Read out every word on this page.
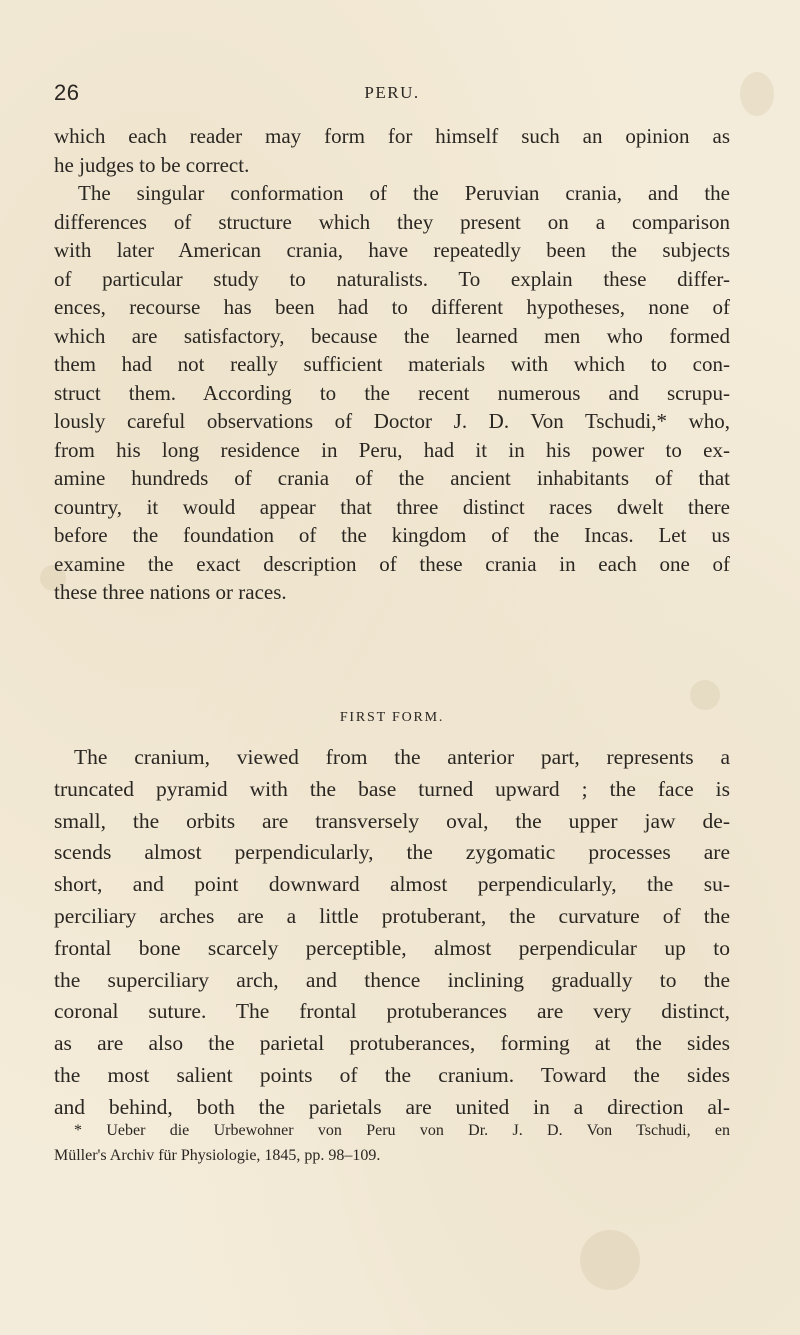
26	PERU.
which each reader may form for himself such an opinion as
he judges to be correct.
The singular conformation of the Peruvian crania, and the
differences of structure which they present on a comparison
with later American crania, have repeatedly been the subjects
of particular study to naturalists. To explain these differ-
ences, recourse has been had to different hypotheses, none of
which are satisfactory, because the learned men who formed
them had not really sufficient materials with which to con-
struct them. According to the recent numerous and scrupu-
lously careful observations of Doctor J. D. Von Tschudi,* who,
from his long residence in Peru, had it in his power to ex-
amine hundreds of crania of the ancient inhabitants of that
country, it would appear that three distinct races dwelt there
before the foundation of the kingdom of the Incas. Let us
examine the exact description of these crania in each one of
these three nations or races.
FIRST FORM.
The cranium, viewed from the anterior part, represents a
truncated pyramid with the base turned upward ; the face is
small, the orbits are transversely oval, the upper jaw de-
scends almost perpendicularly, the zygomatic processes are
short, and point downward almost perpendicularly, the su-
perciliary arches are a little protuberant, the curvature of the
frontal bone scarcely perceptible, almost perpendicular up to
the superciliary arch, and thence inclining gradually to the
coronal suture. The frontal protuberances are very distinct,
as are also the parietal protuberances, forming at the sides
the most salient points of the cranium. Toward the sides
and behind, both the parietals are united in a direction al-
* Ueber die Urbewohner von Peru von Dr. J. D. Von Tschudi, en
Müller's Archiv für Physiologie, 1845, pp. 98–109.
